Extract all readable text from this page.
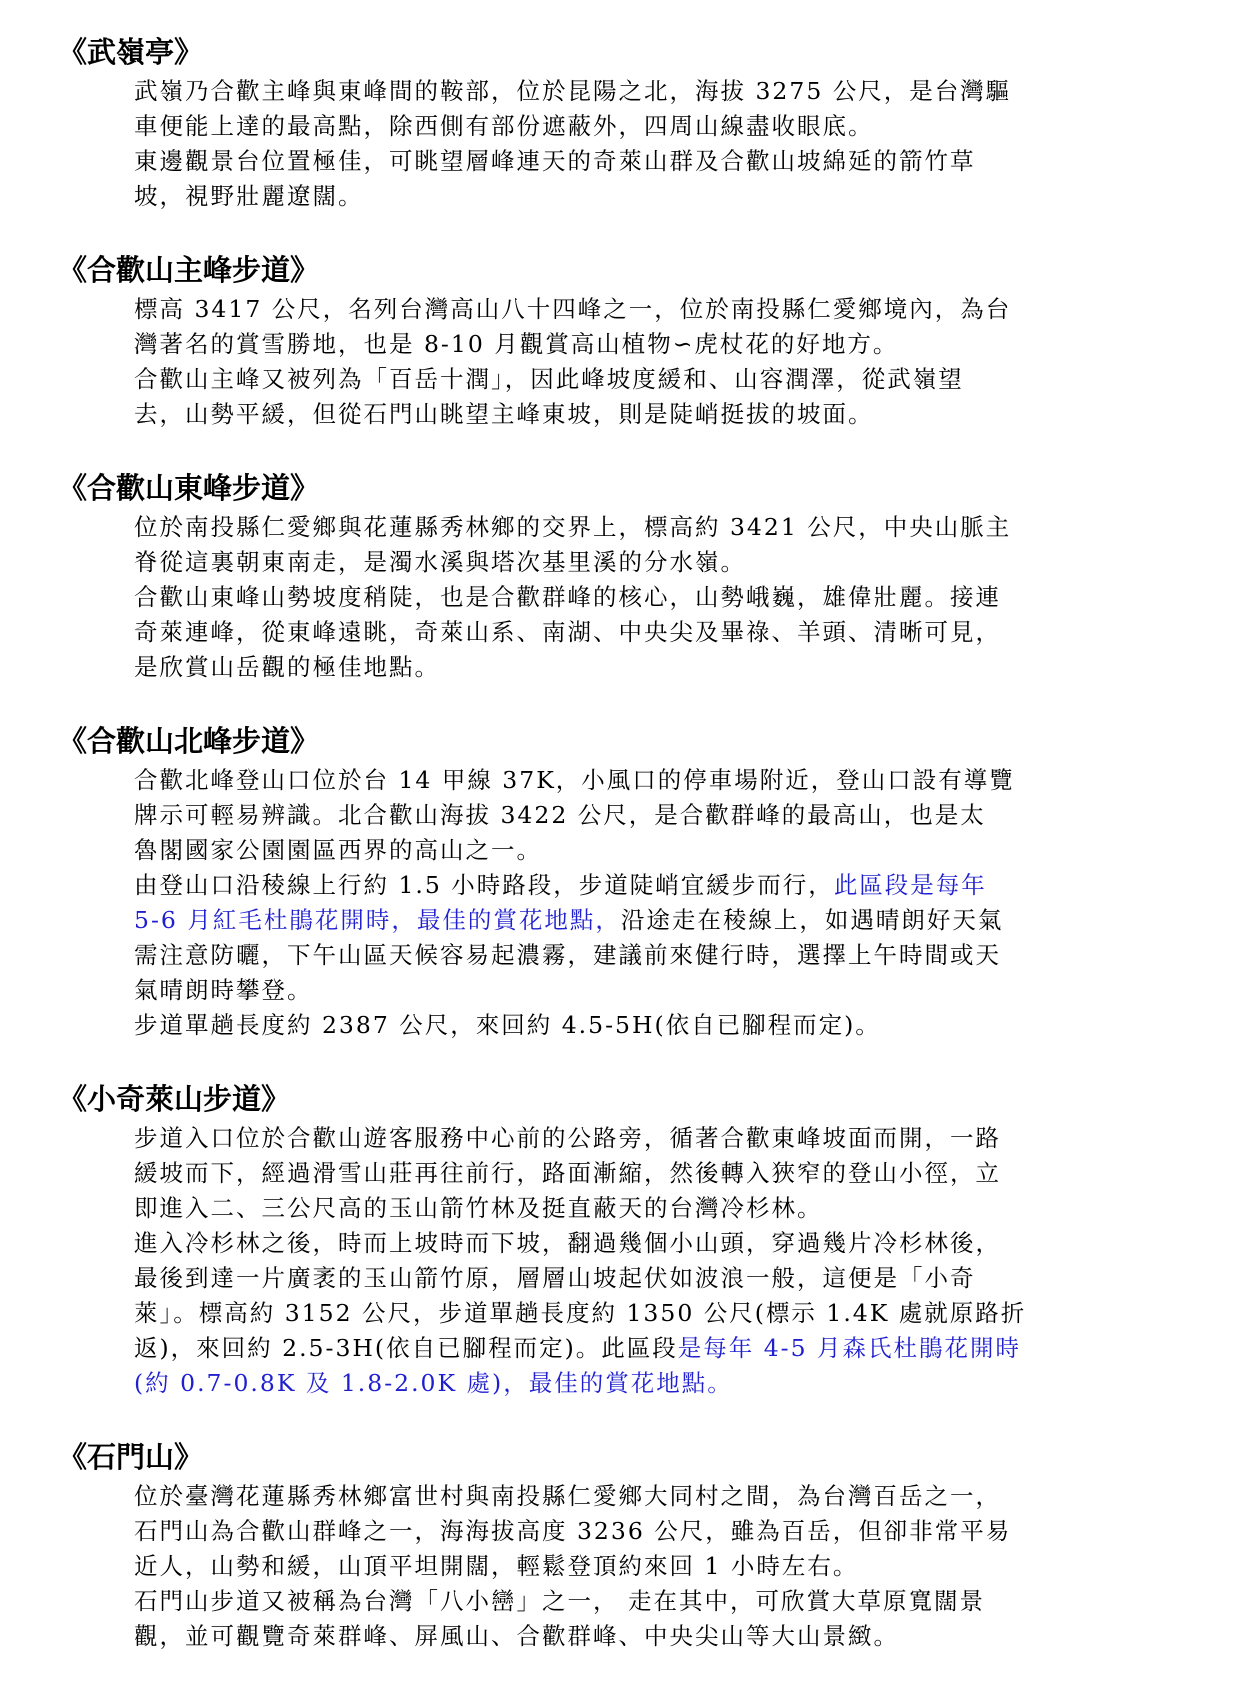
《武嶺亭》
武嶺乃合歡主峰與東峰間的鞍部，位於昆陽之北，海拔 3275 公尺，是台灣驅
車便能上達的最高點，除西側有部份遮蔽外，四周山線盡收眼底。
東邊觀景台位置極佳，可眺望層峰連天的奇萊山群及合歡山坡綿延的箭竹草
坡，視野壯麗遼闊。
《合歡山主峰步道》
標高 3417 公尺，名列台灣高山八十四峰之一，位於南投縣仁愛鄉境內，為台
灣著名的賞雪勝地，也是 8-10 月觀賞高山植物∽虎杖花的好地方。
合歡山主峰又被列為「百岳十潤」，因此峰坡度緩和、山容潤澤，從武嶺望
去，山勢平緩，但從石門山眺望主峰東坡，則是陡峭挺拔的坡面。
《合歡山東峰步道》
位於南投縣仁愛鄉與花蓮縣秀林鄉的交界上，標高約 3421 公尺，中央山脈主
脊從這裏朝東南走，是濁水溪與塔次基里溪的分水嶺。
合歡山東峰山勢坡度稍陡，也是合歡群峰的核心，山勢峨巍，雄偉壯麗。接連
奇萊連峰，從東峰遠眺，奇萊山系、南湖、中央尖及畢祿、羊頭、清晰可見，
是欣賞山岳觀的極佳地點。
《合歡山北峰步道》
合歡北峰登山口位於台 14 甲線 37K，小風口的停車場附近，登山口設有導覽
牌示可輕易辨識。北合歡山海拔 3422 公尺，是合歡群峰的最高山，也是太
魯閣國家公園園區西界的高山之一。
由登山口沿稜線上行約 1.5 小時路段，步道陡峭宜緩步而行，此區段是每年
5-6 月紅毛杜鵑花開時，最佳的賞花地點，沿途走在稜線上，如遇晴朗好天氣
需注意防曬，下午山區天候容易起濃霧，建議前來健行時，選擇上午時間或天
氣晴朗時攀登。
步道單趟長度約 2387 公尺，來回約 4.5-5H(依自已腳程而定)。
《小奇萊山步道》
步道入口位於合歡山遊客服務中心前的公路旁，循著合歡東峰坡面而開，一路
緩坡而下，經過滑雪山莊再往前行，路面漸縮，然後轉入狹窄的登山小徑，立
即進入二、三公尺高的玉山箭竹林及挺直蔽天的台灣冷杉林。
進入冷杉林之後，時而上坡時而下坡，翻過幾個小山頭，穿過幾片冷杉林後，
最後到達一片廣袤的玉山箭竹原，層層山坡起伏如波浪一般，這便是「小奇
萊」。標高約 3152 公尺，步道單趟長度約 1350 公尺(標示 1.4K 處就原路折
返)，來回約 2.5-3H(依自已腳程而定)。此區段是每年 4-5 月森氏杜鵑花開時
(約 0.7-0.8K 及 1.8-2.0K 處)，最佳的賞花地點。
《石門山》
位於臺灣花蓮縣秀林鄉富世村與南投縣仁愛鄉大同村之間，為台灣百岳之一，
石門山為合歡山群峰之一，海海拔高度 3236 公尺，雖為百岳，但卻非常平易
近人，山勢和緩，山頂平坦開闊，輕鬆登頂約來回 1 小時左右。
石門山步道又被稱為台灣「八小巒」之一， 走在其中，可欣賞大草原寬闊景
觀，並可觀覽奇萊群峰、屏風山、合歡群峰、中央尖山等大山景緻。
